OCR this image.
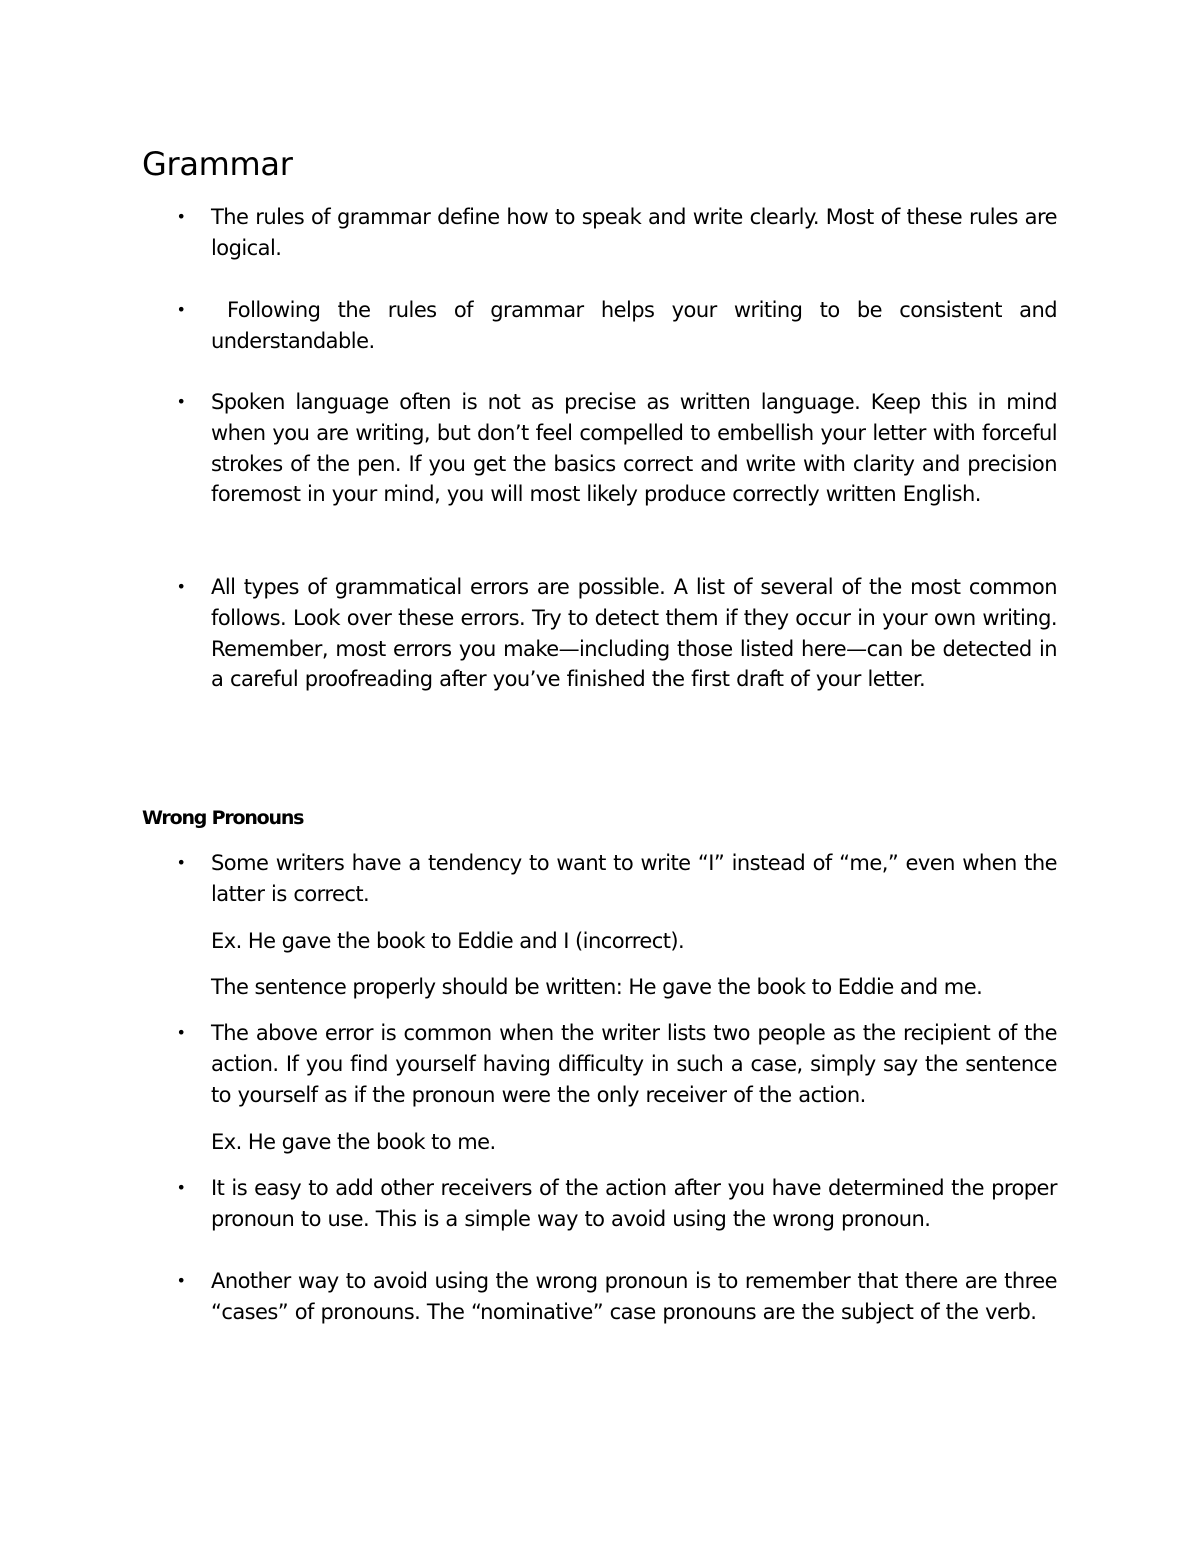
Grammar
• The rules of grammar define how to speak and write clearly. Most of these rules are logical.
• Following the rules of grammar helps your writing to be consistent and understandable.
• Spoken language often is not as precise as written language. Keep this in mind when you are writing, but don’t feel compelled to embellish your letter with forceful strokes of the pen. If you get the basics correct and write with clarity and precision foremost in your mind, you will most likely produce correctly written English.
• All types of grammatical errors are possible. A list of several of the most common follows. Look over these errors. Try to detect them if they occur in your own writing. Remember, most errors you make—including those listed here—can be detected in a careful proofreading after you’ve finished the first draft of your letter.
Wrong Pronouns
• Some writers have a tendency to want to write “I” instead of “me,” even when the latter is correct.
Ex. He gave the book to Eddie and I (incorrect).
The sentence properly should be written: He gave the book to Eddie and me.
• The above error is common when the writer lists two people as the recipient of the action. If you find yourself having difficulty in such a case, simply say the sentence to yourself as if the pronoun were the only receiver of the action.
Ex. He gave the book to me.
• It is easy to add other receivers of the action after you have determined the proper pronoun to use. This is a simple way to avoid using the wrong pronoun.
• Another way to avoid using the wrong pronoun is to remember that there are three “cases” of pronouns. The “nominative” case pronouns are the subject of the verb.
